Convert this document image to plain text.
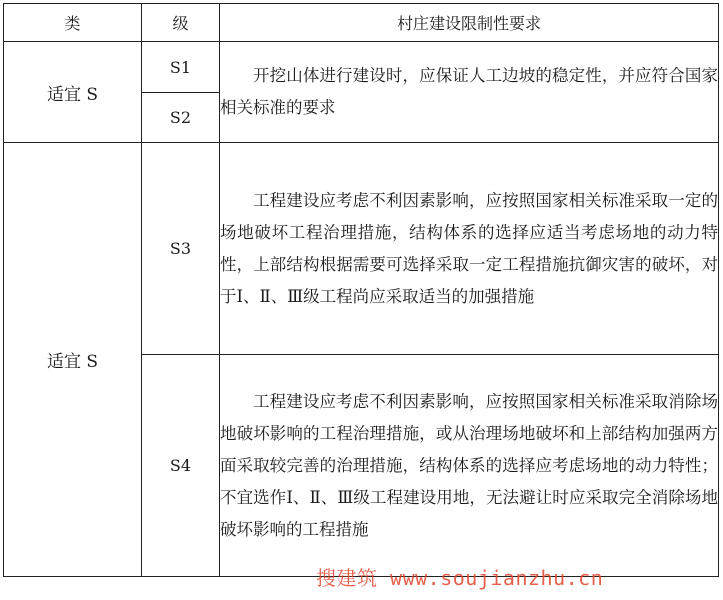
类	级	村庄建设限制性要求
适宜 S	S1	开挖山体进行建设时，应保证人工边坡的稳定性，并应符合国家相关标准的要求

	S2	
适宜 S	S3	工程建设应考虑不利因素影响，应按照国家相关标准采取一定的场地破坏工程治理措施，结构体系的选择应适当考虑场地的动力特性，上部结构根据需要可选择采取一定工程措施抗御灾害的破坏，对于Ⅰ、Ⅱ、Ⅲ级工程尚应采取适当的加强措施

	S4	工程建设应考虑不利因素影响，应按照国家相关标准采取消除场地破坏影响的工程治理措施，或从治理场地破坏和上部结构加强两方面采取较完善的治理措施，结构体系的选择应考虑场地的动力特性；不宜选作Ⅰ、Ⅱ、Ⅲ级工程建设用地，无法避让时应采取完全消除场地破坏影响的工程措施

搜建筑 www.soujianzhu.cn
